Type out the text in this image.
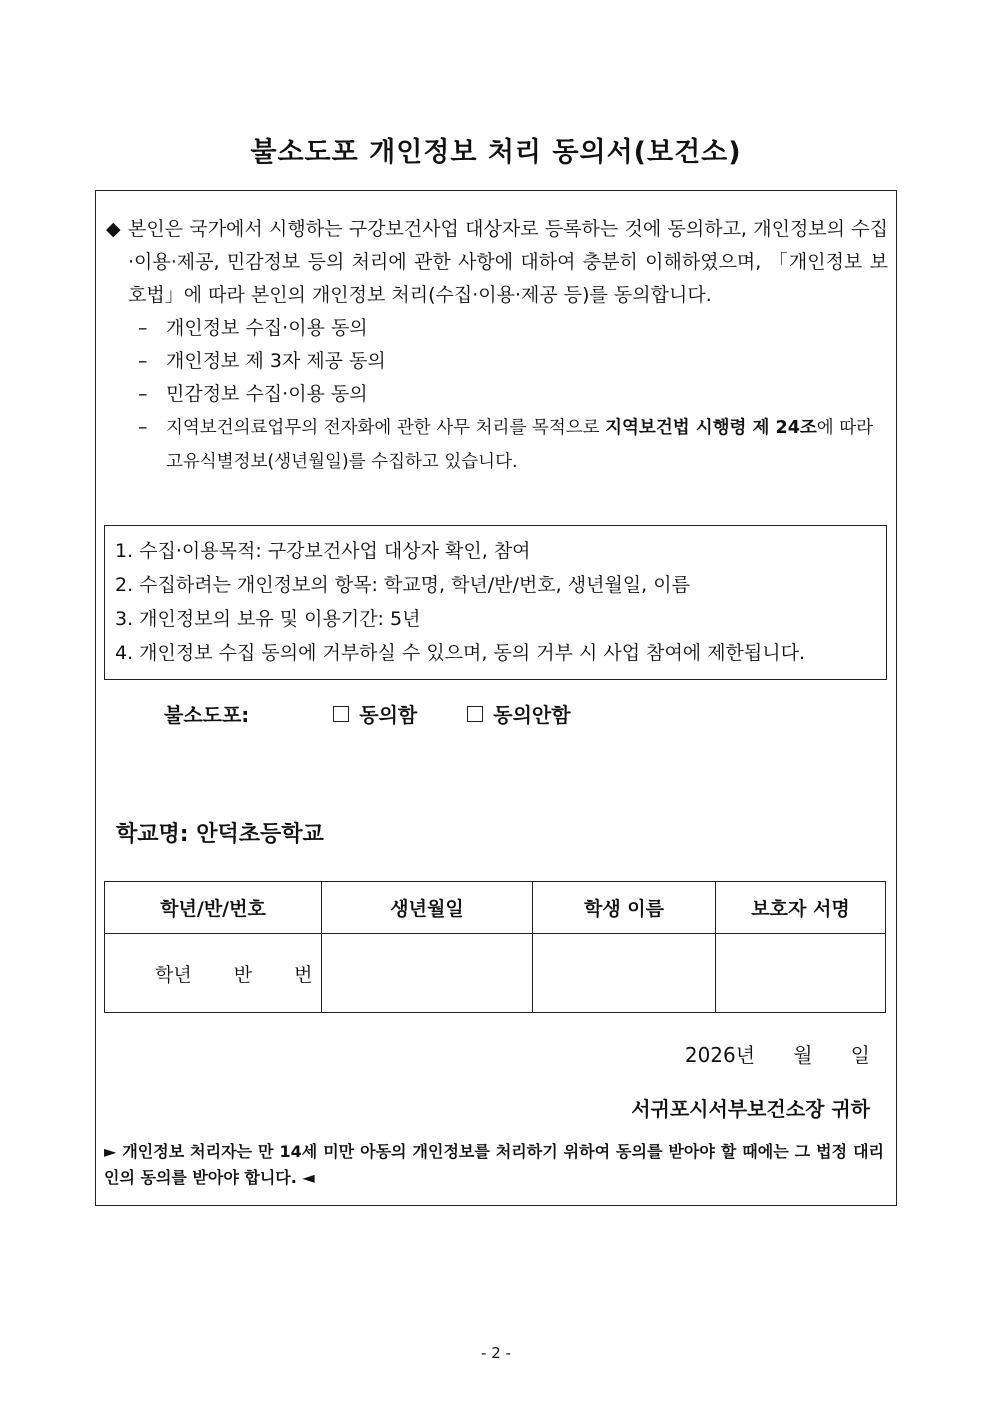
불소도포 개인정보 처리 동의서(보건소)
◆ 본인은 국가에서 시행하는 구강보건사업 대상자로 등록하는 것에 동의하고, 개인정보의 수집·이용·제공, 민감정보 등의 처리에 관한 사항에 대하여 충분히 이해하였으며, 「개인정보 보호법」에 따라 본인의 개인정보 처리(수집·이용·제공 등)를 동의합니다.
– 개인정보 수집·이용 동의
– 개인정보 제 3자 제공 동의
– 민감정보 수집·이용 동의
–	지역보건의료업무의 전자화에 관한 사무 처리를 목적으로 지역보건법 시행령 제 24조에 따라 고유식별정보(생년월일)를 수집하고 있습니다.
1. 수집·이용목적: 구강보건사업 대상자 확인, 참여
2. 수집하려는 개인정보의 항목: 학교명, 학년/반/번호, 생년월일, 이름
3. 개인정보의 보유 및 이용기간: 5년
4. 개인정보 수집 동의에 거부하실 수 있으며, 동의 거부 시 사업 참여에 제한됩니다.
불소도포:	동의함	동의안함
학교명: 안덕초등학교
학년/반/번호	생년월일	학생 이름	보호자 서명
학년 반 번			
2026년      월      일
서귀포시서부보건소장 귀하
► 개인정보 처리자는 만 14세 미만 아동의 개인정보를 처리하기 위하여 동의를 받아야 할 때에는 그 법정 대리인의 동의를 받아야 합니다. ◄
- 2 -
